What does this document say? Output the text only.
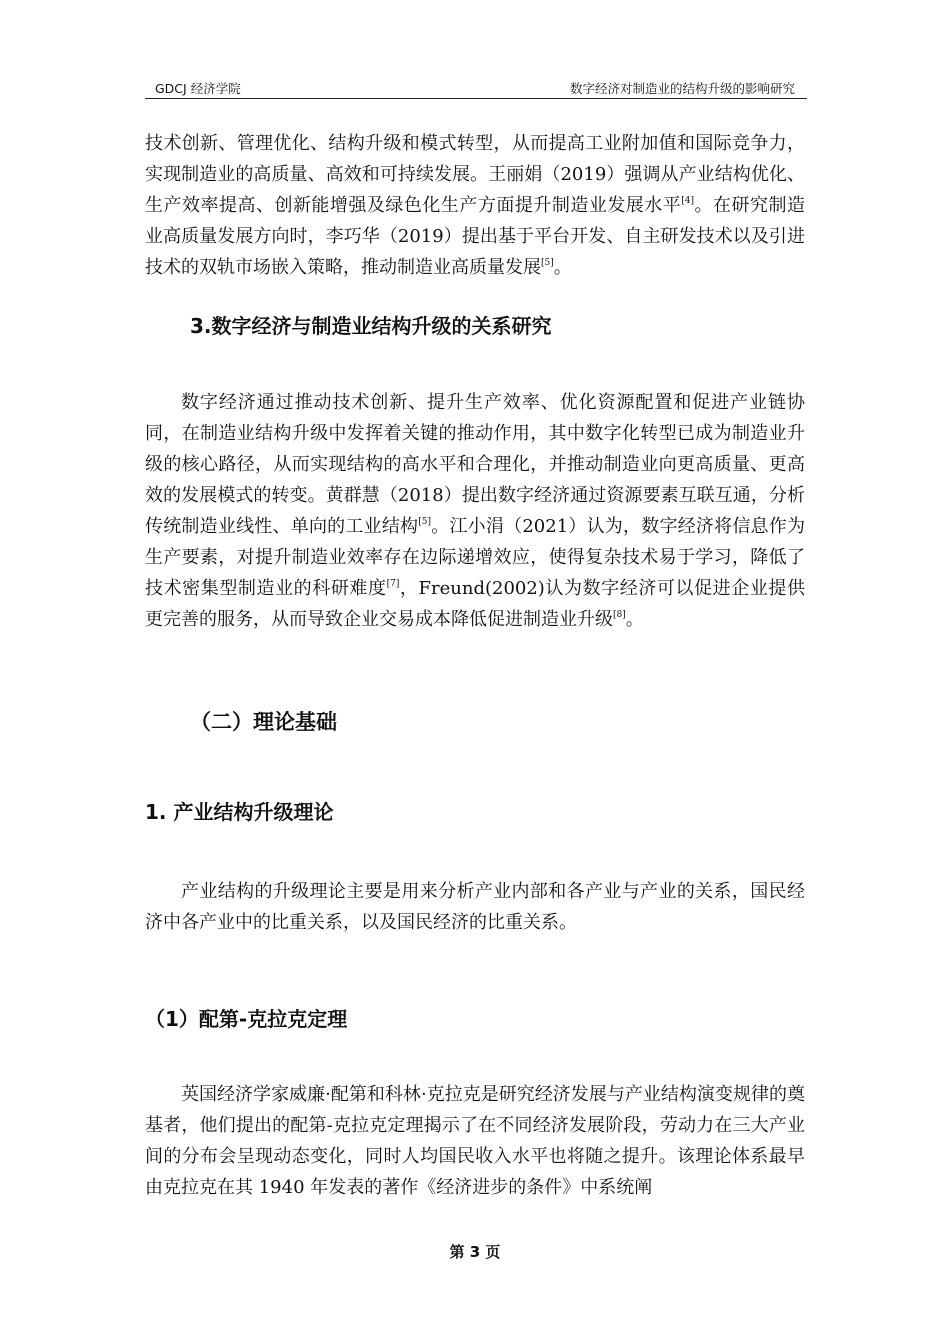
GDCJ 经济学院	数字经济对制造业的结构升级的影响研究

技术创新、管理优化、结构升级和模式转型，从而提高工业附加值和国际竞争力，实现制造业的高质量、高效和可持续发展。王丽娟（2019）强调从产业结构优化、生产效率提高、创新能增强及绿色化生产方面提升制造业发展水平[4]。在研究制造业高质量发展方向时，李巧华（2019）提出基于平台开发、自主研发技术以及引进技术的双轨市场嵌入策略，推动制造业高质量发展[5]。

3.数字经济与制造业结构升级的关系研究

数字经济通过推动技术创新、提升生产效率、优化资源配置和促进产业链协同，在制造业结构升级中发挥着关键的推动作用，其中数字化转型已成为制造业升级的核心路径，从而实现结构的高水平和合理化，并推动制造业向更高质量、更高效的发展模式的转变。黄群慧（2018）提出数字经济通过资源要素互联互通，分析传统制造业线性、单向的工业结构[5]。江小涓（2021）认为，数字经济将信息作为生产要素，对提升制造业效率存在边际递增效应，使得复杂技术易于学习，降低了技术密集型制造业的科研难度[7]，Freund(2002)认为数字经济可以促进企业提供更完善的服务，从而导致企业交易成本降低促进制造业升级[8]。

（二）理论基础
1. 产业结构升级理论

产业结构的升级理论主要是用来分析产业内部和各产业与产业的关系，国民经济中各产业中的比重关系，以及国民经济的比重关系。

（1）配第-克拉克定理

英国经济学家威廉·配第和科林·克拉克是研究经济发展与产业结构演变规律的奠基者，他们提出的配第-克拉克定理揭示了在不同经济发展阶段，劳动力在三大产业间的分布会呈现动态变化，同时人均国民收入水平也将随之提升。该理论体系最早由克拉克在其 1940 年发表的著作《经济进步的条件》中系统阐

第 3 页
